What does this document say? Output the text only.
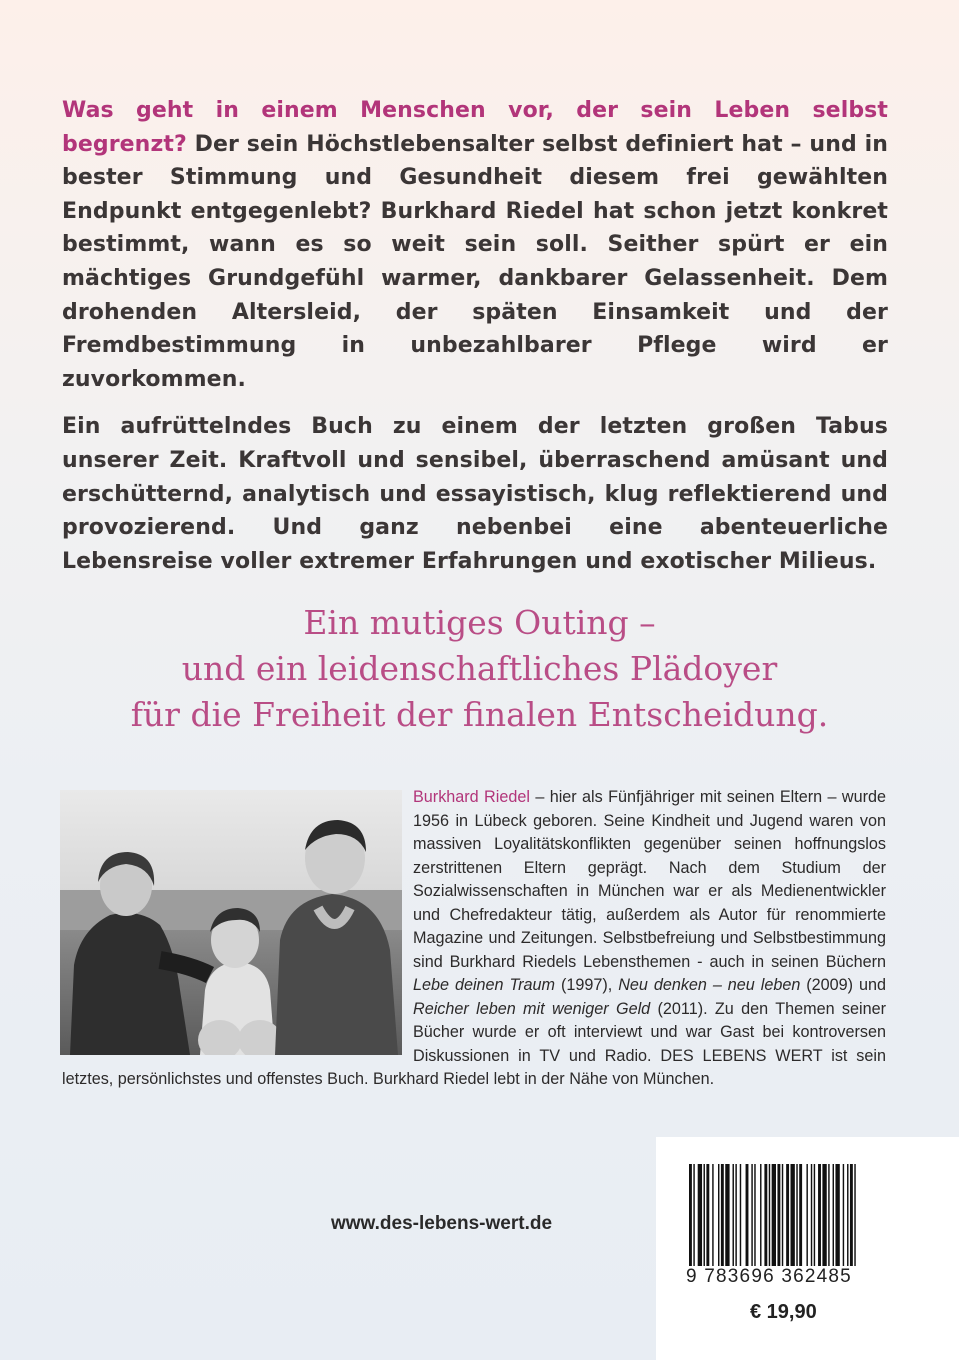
Was geht in einem Menschen vor, der sein Leben selbst begrenzt? Der sein Höchstlebensalter selbst definiert hat – und in bester Stimmung und Gesundheit diesem frei gewählten Endpunkt entgegenlebt? Burkhard Riedel hat schon jetzt konkret bestimmt, wann es so weit sein soll. Seither spürt er ein mächtiges Grundgefühl warmer, dankbarer Gelassenheit. Dem drohenden Altersleid, der späten Einsamkeit und der Fremdbestimmung in unbezahlbarer Pflege wird er zuvorkommen.

Ein aufrüttelndes Buch zu einem der letzten großen Tabus unserer Zeit. Kraftvoll und sensibel, überraschend amüsant und erschütternd, analytisch und essayistisch, klug reflektierend und provozierend. Und ganz nebenbei eine abenteuerliche Lebensreise voller extremer Erfahrungen und exotischer Milieus.

Ein mutiges Outing –
und ein leidenschaftliches Plädoyer
für die Freiheit der finalen Entscheidung.
Burkhard Riedel – hier als Fünfjähriger mit seinen Eltern – wurde 1956 in Lübeck geboren. Seine Kindheit und Jugend waren von massiven Loyalitätskonflikten gegenüber seinen hoffnungslos zerstrittenen Eltern geprägt. Nach dem Studium der Sozialwissenschaften in München war er als Medienentwickler und Chefredakteur tätig, außerdem als Autor für renommierte Magazine und Zeitungen. Selbstbefreiung und Selbstbestimmung sind Burkhard Riedels Lebensthemen - auch in seinen Büchern Lebe deinen Traum (1997), Neu denken – neu leben (2009) und Reicher leben mit weniger Geld (2011). Zu den Themen seiner Bücher wurde er oft interviewt und war Gast bei kontroversen Diskussionen in TV und Radio. DES LEBENS WERT ist sein letztes, persönlichstes und offenstes Buch. Burkhard Riedel lebt in der Nähe von München.
www.des-lebens-wert.de
9 783696 362485
€ 19,90
